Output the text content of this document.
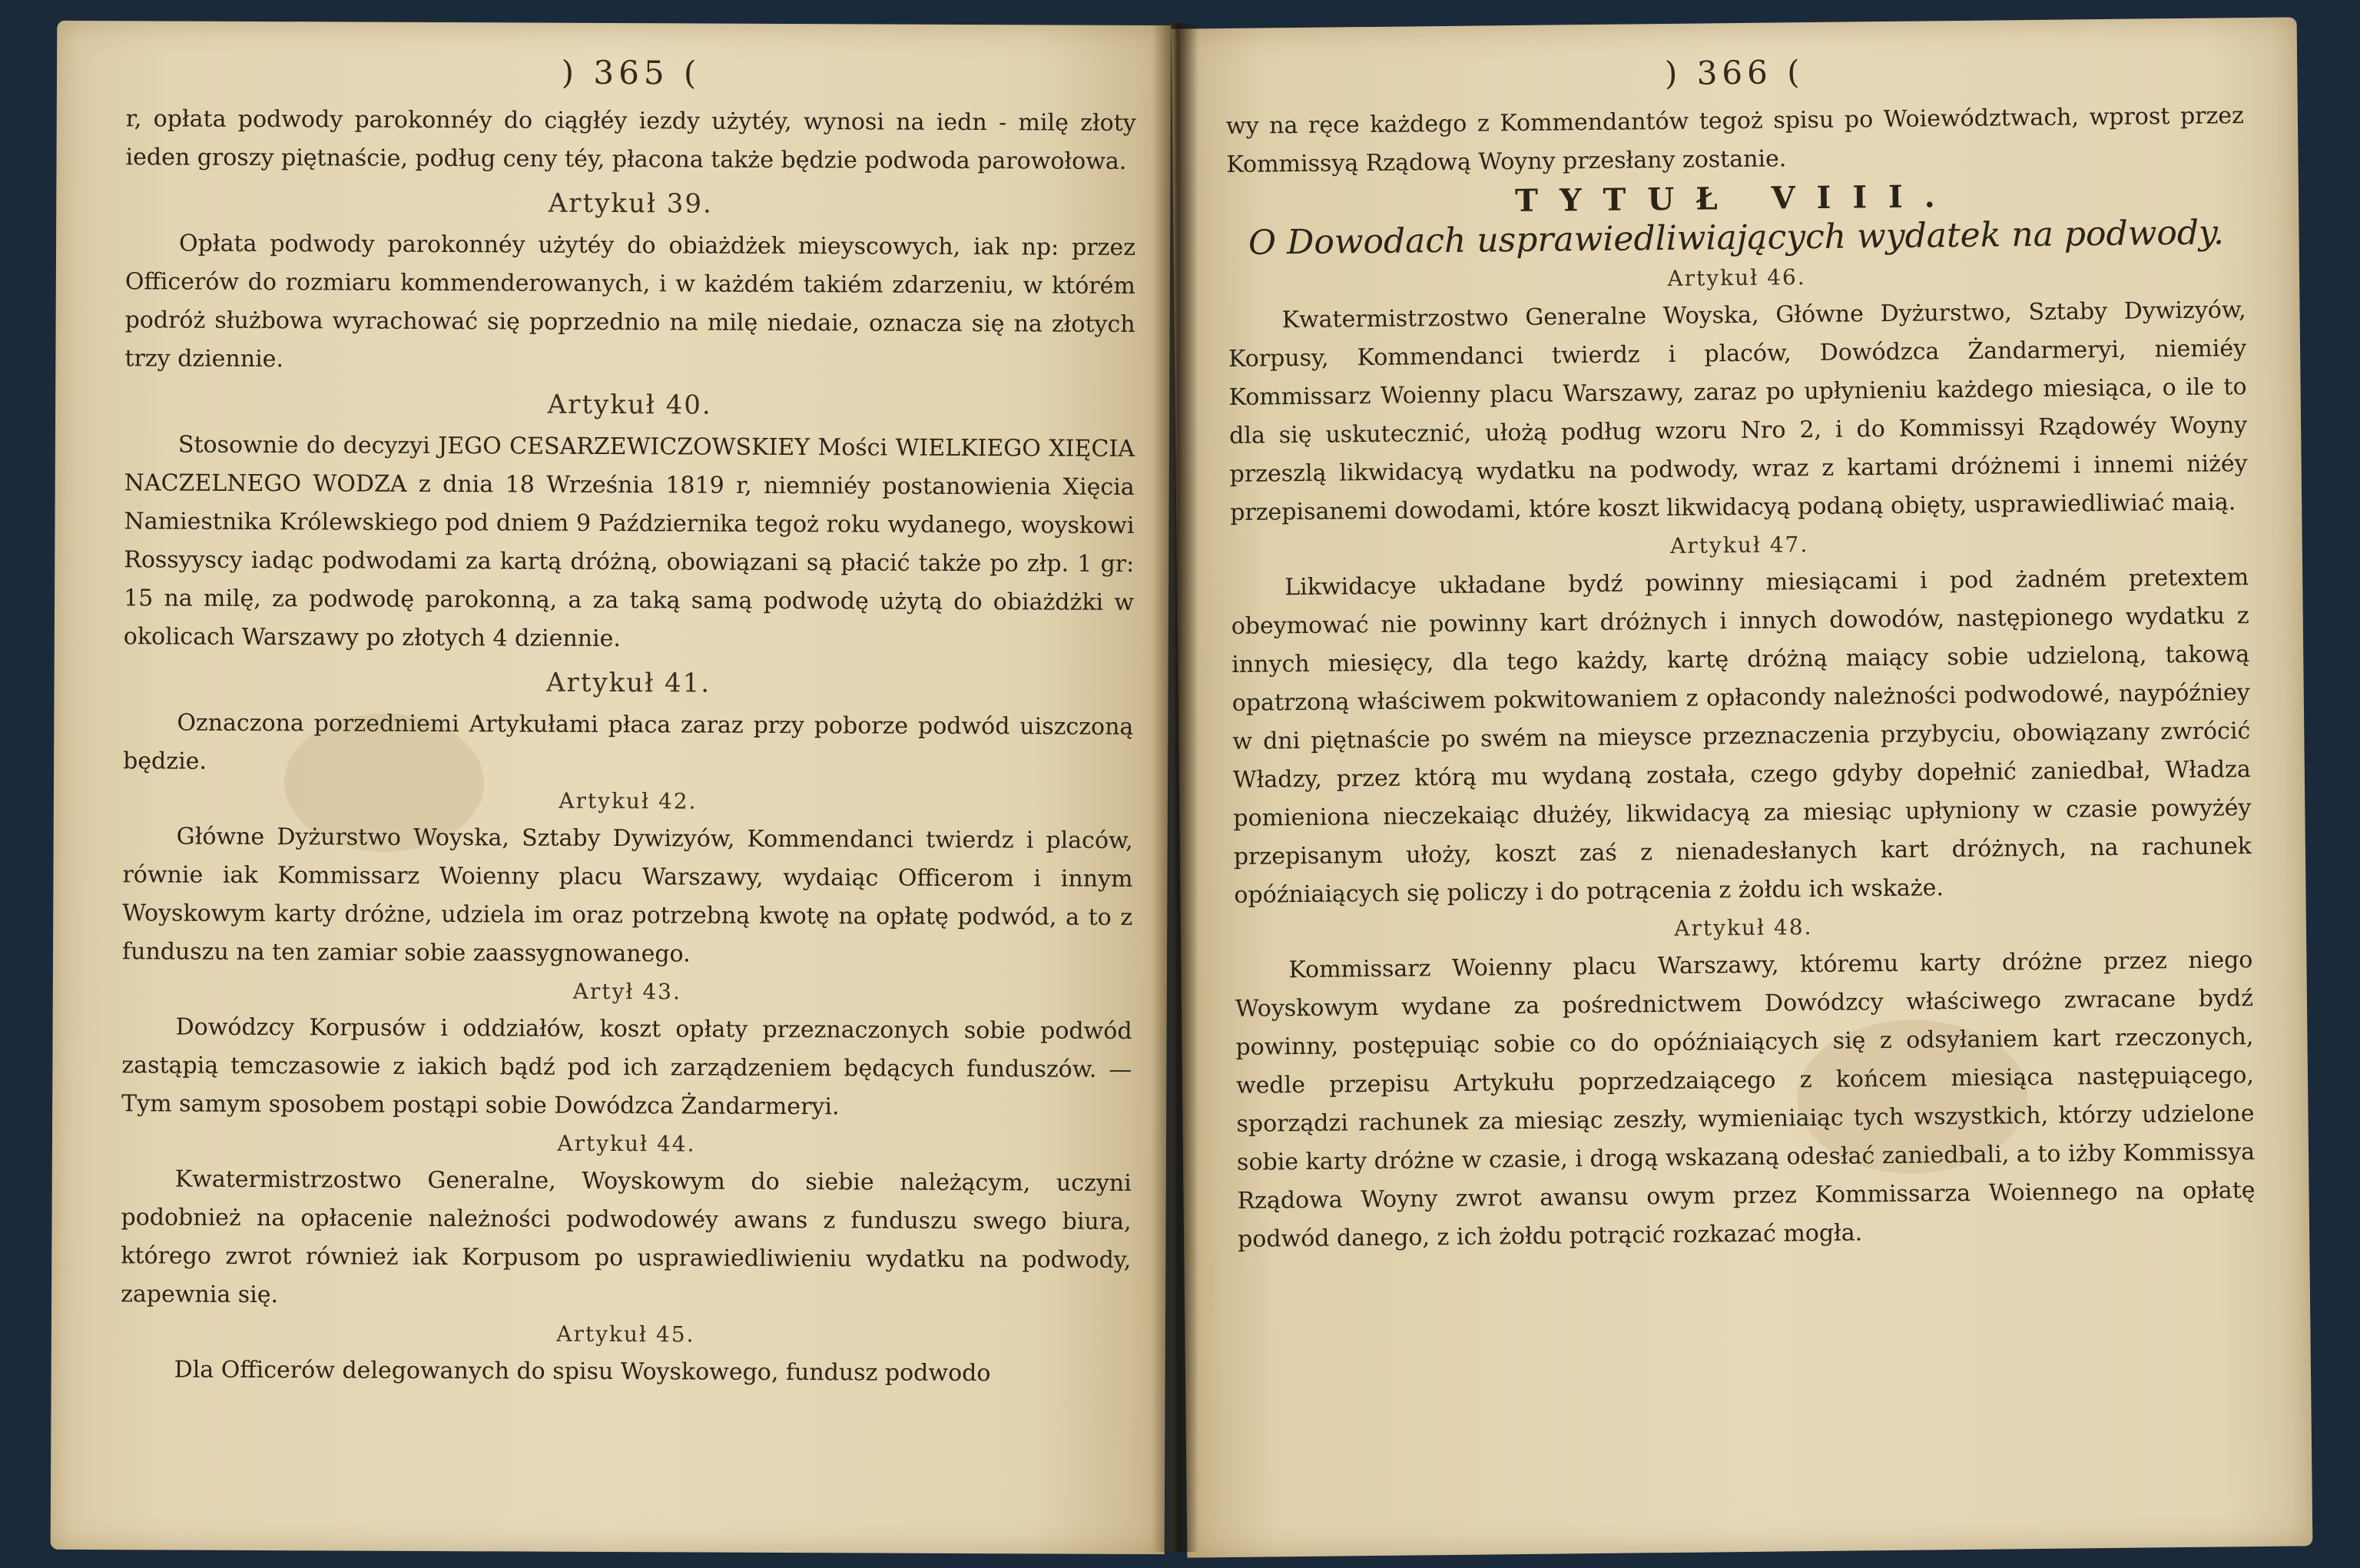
) 365 (

r, opłata podwody parokonnéy do ciągłéy iezdy użytéy, wynosi na iedn - milę złoty ieden groszy piętnaście, podług ceny téy, płacona także będzie podwoda parowołowa.

Artykuł 39.

Opłata podwody parokonnéy użytéy do obiażdżek mieyscowych, iak np: przez Officerów do rozmiaru kommenderowanych, i w każdém takiém zdarzeniu, w którém podróż służbowa wyrachować się poprzednio na milę niedaie, oznacza się na złotych trzy dziennie.

Artykuł 40.

Stosownie do decyzyi JEGO CESARZEWICZOWSKIEY Mości WIELKIEGO XIĘCIA NACZELNEGO WODZA z dnia 18 Września 1819 r, niemniéy postanowienia Xięcia Namiestnika Królewskiego pod dniem 9 Października tegoż roku wydanego, woyskowi Rossyyscy iadąc podwodami za kartą dróżną, obowiązani są płacić także po złp. 1 gr: 15 na milę, za podwodę parokonną, a za taką samą podwodę użytą do obiażdżki w okolicach Warszawy po złotych 4 dziennie.

Artykuł 41.

Oznaczona porzedniemi Artykułami płaca zaraz przy poborze podwód uiszczoną będzie.

Artykuł 42.

Główne Dyżurstwo Woyska, Sztaby Dywizyów, Kommendanci twierdz i placów, równie iak Kommissarz Woienny placu Warszawy, wydaiąc Officerom i innym Woyskowym karty dróżne, udziela im oraz potrzebną kwotę na opłatę podwód, a to z funduszu na ten zamiar sobie zaassygnowanego.

Artył 43.

Dowódzcy Korpusów i oddziałów, koszt opłaty przeznaczonych sobie podwód zastąpią temczasowie z iakich bądź pod ich zarządzeniem będących funduszów. — Tym samym sposobem postąpi sobie Dowódzca Żandarmeryi.

Artykuł 44.

Kwatermistrzostwo Generalne, Woyskowym do siebie należącym, uczyni podobnież na opłacenie należności podwodowéy awans z funduszu swego biura, którego zwrot również iak Korpusom po usprawiedliwieniu wydatku na podwody, zapewnia się.

Artykuł 45.

Dla Officerów delegowanych do spisu Woyskowego, fundusz podwodo

) 366 (

wy na ręce każdego z Kommendantów tegoż spisu po Woiewództwach, wprost przez Kommissyą Rządową Woyny przesłany zostanie.

TYTUŁ VIII.
O Dowodach usprawiedliwiających wydatek na podwody.
Artykuł 46.

Kwatermistrzostwo Generalne Woyska, Główne Dyżurstwo, Sztaby Dywizyów, Korpusy, Kommendanci twierdz i placów, Dowódzca Żandarmeryi, niemiéy Kommissarz Woienny placu Warszawy, zaraz po upłynieniu każdego miesiąca, o ile to dla się uskutecznić, ułożą podług wzoru Nro 2, i do Kommissyi Rządowéy Woyny przeszlą likwidacyą wydatku na podwody, wraz z kartami dróżnemi i innemi niżéy przepisanemi dowodami, które koszt likwidacyą podaną obięty, usprawiedliwiać maią.

Artykuł 47.

Likwidacye układane bydź powinny miesiącami i pod żadném pretextem obeymować nie powinny kart dróżnych i innych dowodów, następionego wydatku z innych miesięcy, dla tego każdy, kartę dróżną maiący sobie udzieloną, takową opatrzoną właściwem pokwitowaniem z opłacondy należności podwodowé, naypóźniey w dni piętnaście po swém na mieysce przeznaczenia przybyciu, obowiązany zwrócić Władzy, przez którą mu wydaną została, czego gdyby dopełnić zaniedbał, Władza pomieniona nieczekaiąc dłużéy, likwidacyą za miesiąc upłyniony w czasie powyżéy przepisanym ułoży, koszt zaś z nienadesłanych kart dróżnych, na rachunek opóźniaiących się policzy i do potrącenia z żołdu ich wskaże.

Artykuł 48.

Kommissarz Woienny placu Warszawy, któremu karty dróżne przez niego Woyskowym wydane za pośrednictwem Dowódzcy właściwego zwracane bydź powinny, postępuiąc sobie co do opóźniaiących się z odsyłaniem kart rzeczonych, wedle przepisu Artykułu poprzedzaiącego z końcem miesiąca następuiącego, sporządzi rachunek za miesiąc zeszły, wymieniaiąc tych wszystkich, którzy udzielone sobie karty dróżne w czasie, i drogą wskazaną odesłać zaniedbali, a to iżby Kommissya Rządowa Woyny zwrot awansu owym przez Kommissarza Woiennego na opłatę podwód danego, z ich żołdu potrącić rozkazać mogła.
